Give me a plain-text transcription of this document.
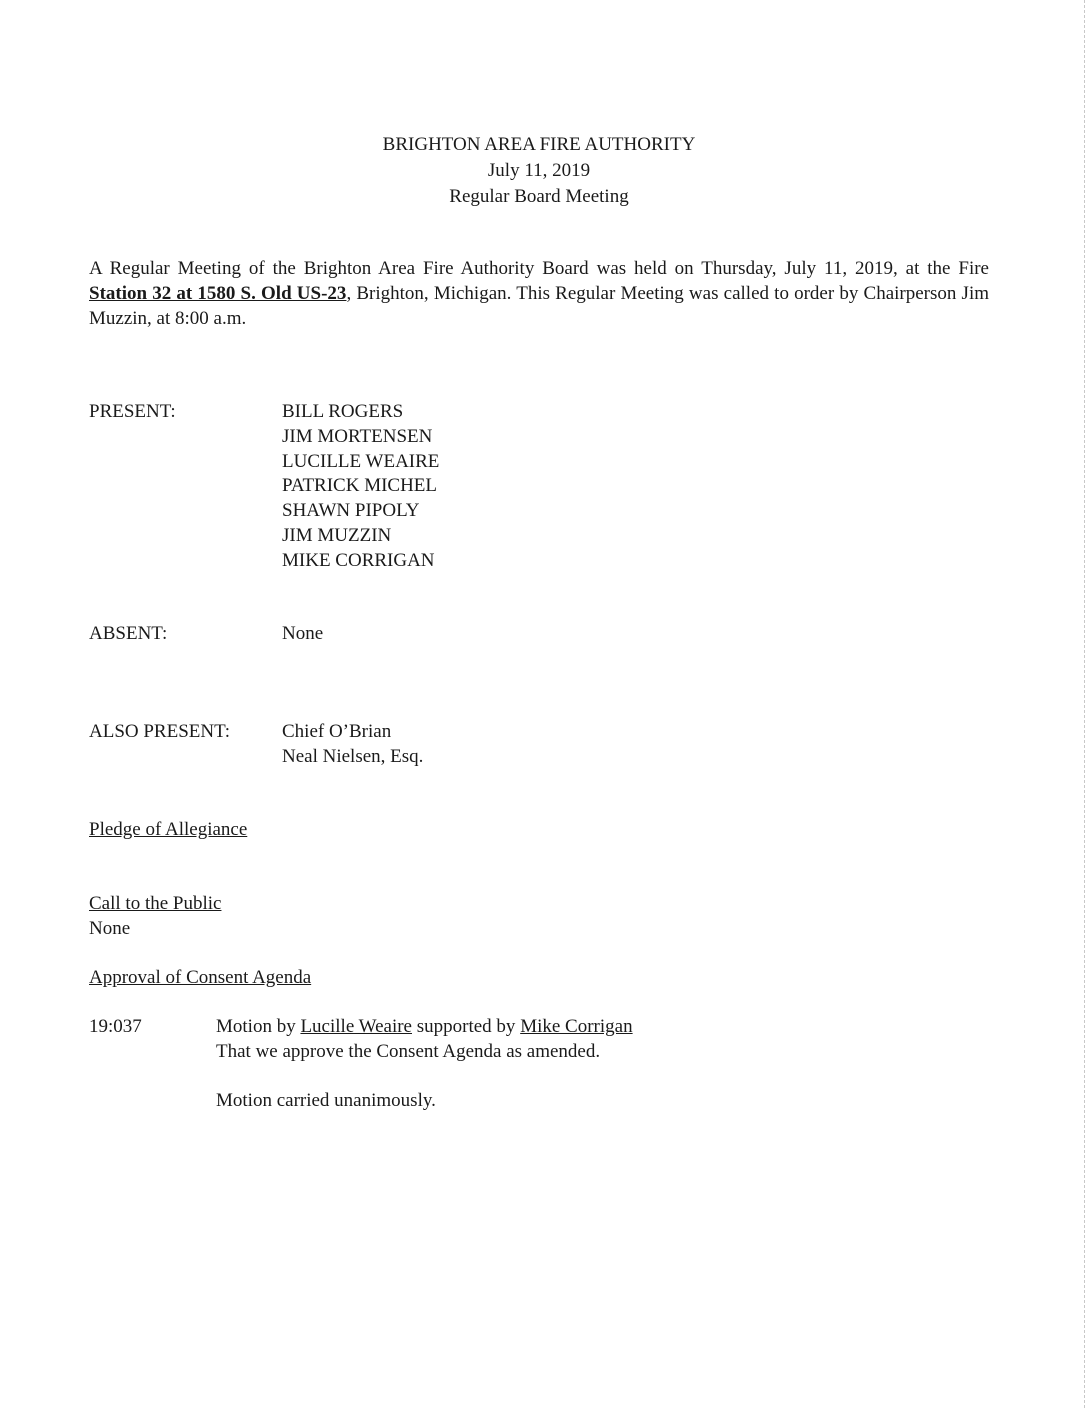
BRIGHTON AREA FIRE AUTHORITY
July 11, 2019
Regular Board Meeting
A Regular Meeting of the Brighton Area Fire Authority Board was held on Thursday, July 11, 2019, at the Fire Station 32 at 1580 S. Old US-23, Brighton, Michigan. This Regular Meeting was called to order by Chairperson Jim Muzzin, at 8:00 a.m.
PRESENT:	BILL ROGERS
JIM MORTENSEN
LUCILLE WEAIRE
PATRICK MICHEL
SHAWN PIPOLY
JIM MUZZIN
MIKE CORRIGAN
ABSENT:	None
ALSO PRESENT:	Chief O’Brian
Neal Nielsen, Esq.
Pledge of Allegiance
Call to the Public
None
Approval of Consent Agenda
19:037	Motion by Lucille Weaire supported by Mike Corrigan
That we approve the Consent Agenda as amended.
Motion carried unanimously.
